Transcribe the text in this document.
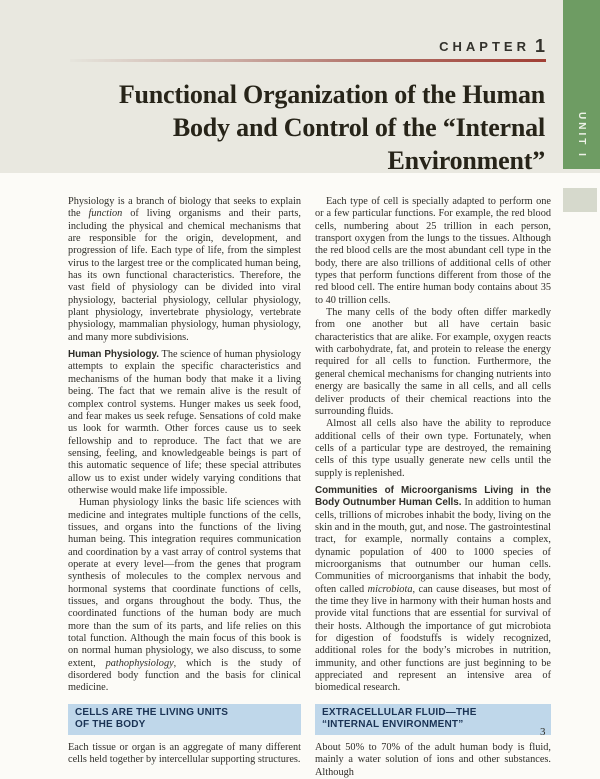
CHAPTER 1
Functional Organization of the Human
Body and Control of the “Internal
Environment”
UNIT I

Physiology is a branch of biology that seeks to explain the function of living organisms and their parts, including the physical and chemical mechanisms that are responsible for the origin, development, and progression of life. Each type of life, from the simplest virus to the largest tree or the complicated human being, has its own functional characteristics. Therefore, the vast field of physiology can be divided into viral physiology, bacterial physiology, cellular physiology, plant physiology, invertebrate physiology, vertebrate physiology, mammalian physiology, human physiology, and many more subdivisions.

Human Physiology. The science of human physiology attempts to explain the specific characteristics and mechanisms of the human body that make it a living being. The fact that we remain alive is the result of complex control systems. Hunger makes us seek food, and fear makes us seek refuge. Sensations of cold make us look for warmth. Other forces cause us to seek fellowship and to reproduce. The fact that we are sensing, feeling, and knowledgeable beings is part of this automatic sequence of life; these special attributes allow us to exist under widely varying conditions that otherwise would make life impossible.

Human physiology links the basic life sciences with medicine and integrates multiple functions of the cells, tissues, and organs into the functions of the living human being. This integration requires communication and coordination by a vast array of control systems that operate at every level—from the genes that program synthesis of molecules to the complex nervous and hormonal systems that coordinate functions of cells, tissues, and organs throughout the body. Thus, the coordinated functions of the human body are much more than the sum of its parts, and life relies on this total function. Although the main focus of this book is on normal human physiology, we also discuss, to some extent, pathophysiology, which is the study of disordered body function and the basis for clinical medicine.

CELLS ARE THE LIVING UNITS
OF THE BODY

Each tissue or organ is an aggregate of many different cells held together by intercellular supporting structures.

Each type of cell is specially adapted to perform one or a few particular functions. For example, the red blood cells, numbering about 25 trillion in each person, transport oxygen from the lungs to the tissues. Although the red blood cells are the most abundant cell type in the body, there are also trillions of additional cells of other types that perform functions different from those of the red blood cell. The entire human body contains about 35 to 40 trillion cells.

The many cells of the body often differ markedly from one another but all have certain basic characteristics that are alike. For example, oxygen reacts with carbohydrate, fat, and protein to release the energy required for all cells to function. Furthermore, the general chemical mechanisms for changing nutrients into energy are basically the same in all cells, and all cells deliver products of their chemical reactions into the surrounding fluids.

Almost all cells also have the ability to reproduce additional cells of their own type. Fortunately, when cells of a particular type are destroyed, the remaining cells of this type usually generate new cells until the supply is replenished.

Communities of Microorganisms Living in the Body Outnumber Human Cells. In addition to human cells, trillions of microbes inhabit the body, living on the skin and in the mouth, gut, and nose. The gastrointestinal tract, for example, normally contains a complex, dynamic population of 400 to 1000 species of microorganisms that outnumber our human cells. Communities of microorganisms that inhabit the body, often called microbiota, can cause diseases, but most of the time they live in harmony with their human hosts and provide vital functions that are essential for survival of their hosts. Although the importance of gut microbiota for digestion of foodstuffs is widely recognized, additional roles for the body’s microbes in nutrition, immunity, and other functions are just beginning to be appreciated and represent an intensive area of biomedical research.

EXTRACELLULAR FLUID—THE
“INTERNAL ENVIRONMENT”

About 50% to 70% of the adult human body is fluid, mainly a water solution of ions and other substances. Although

3
